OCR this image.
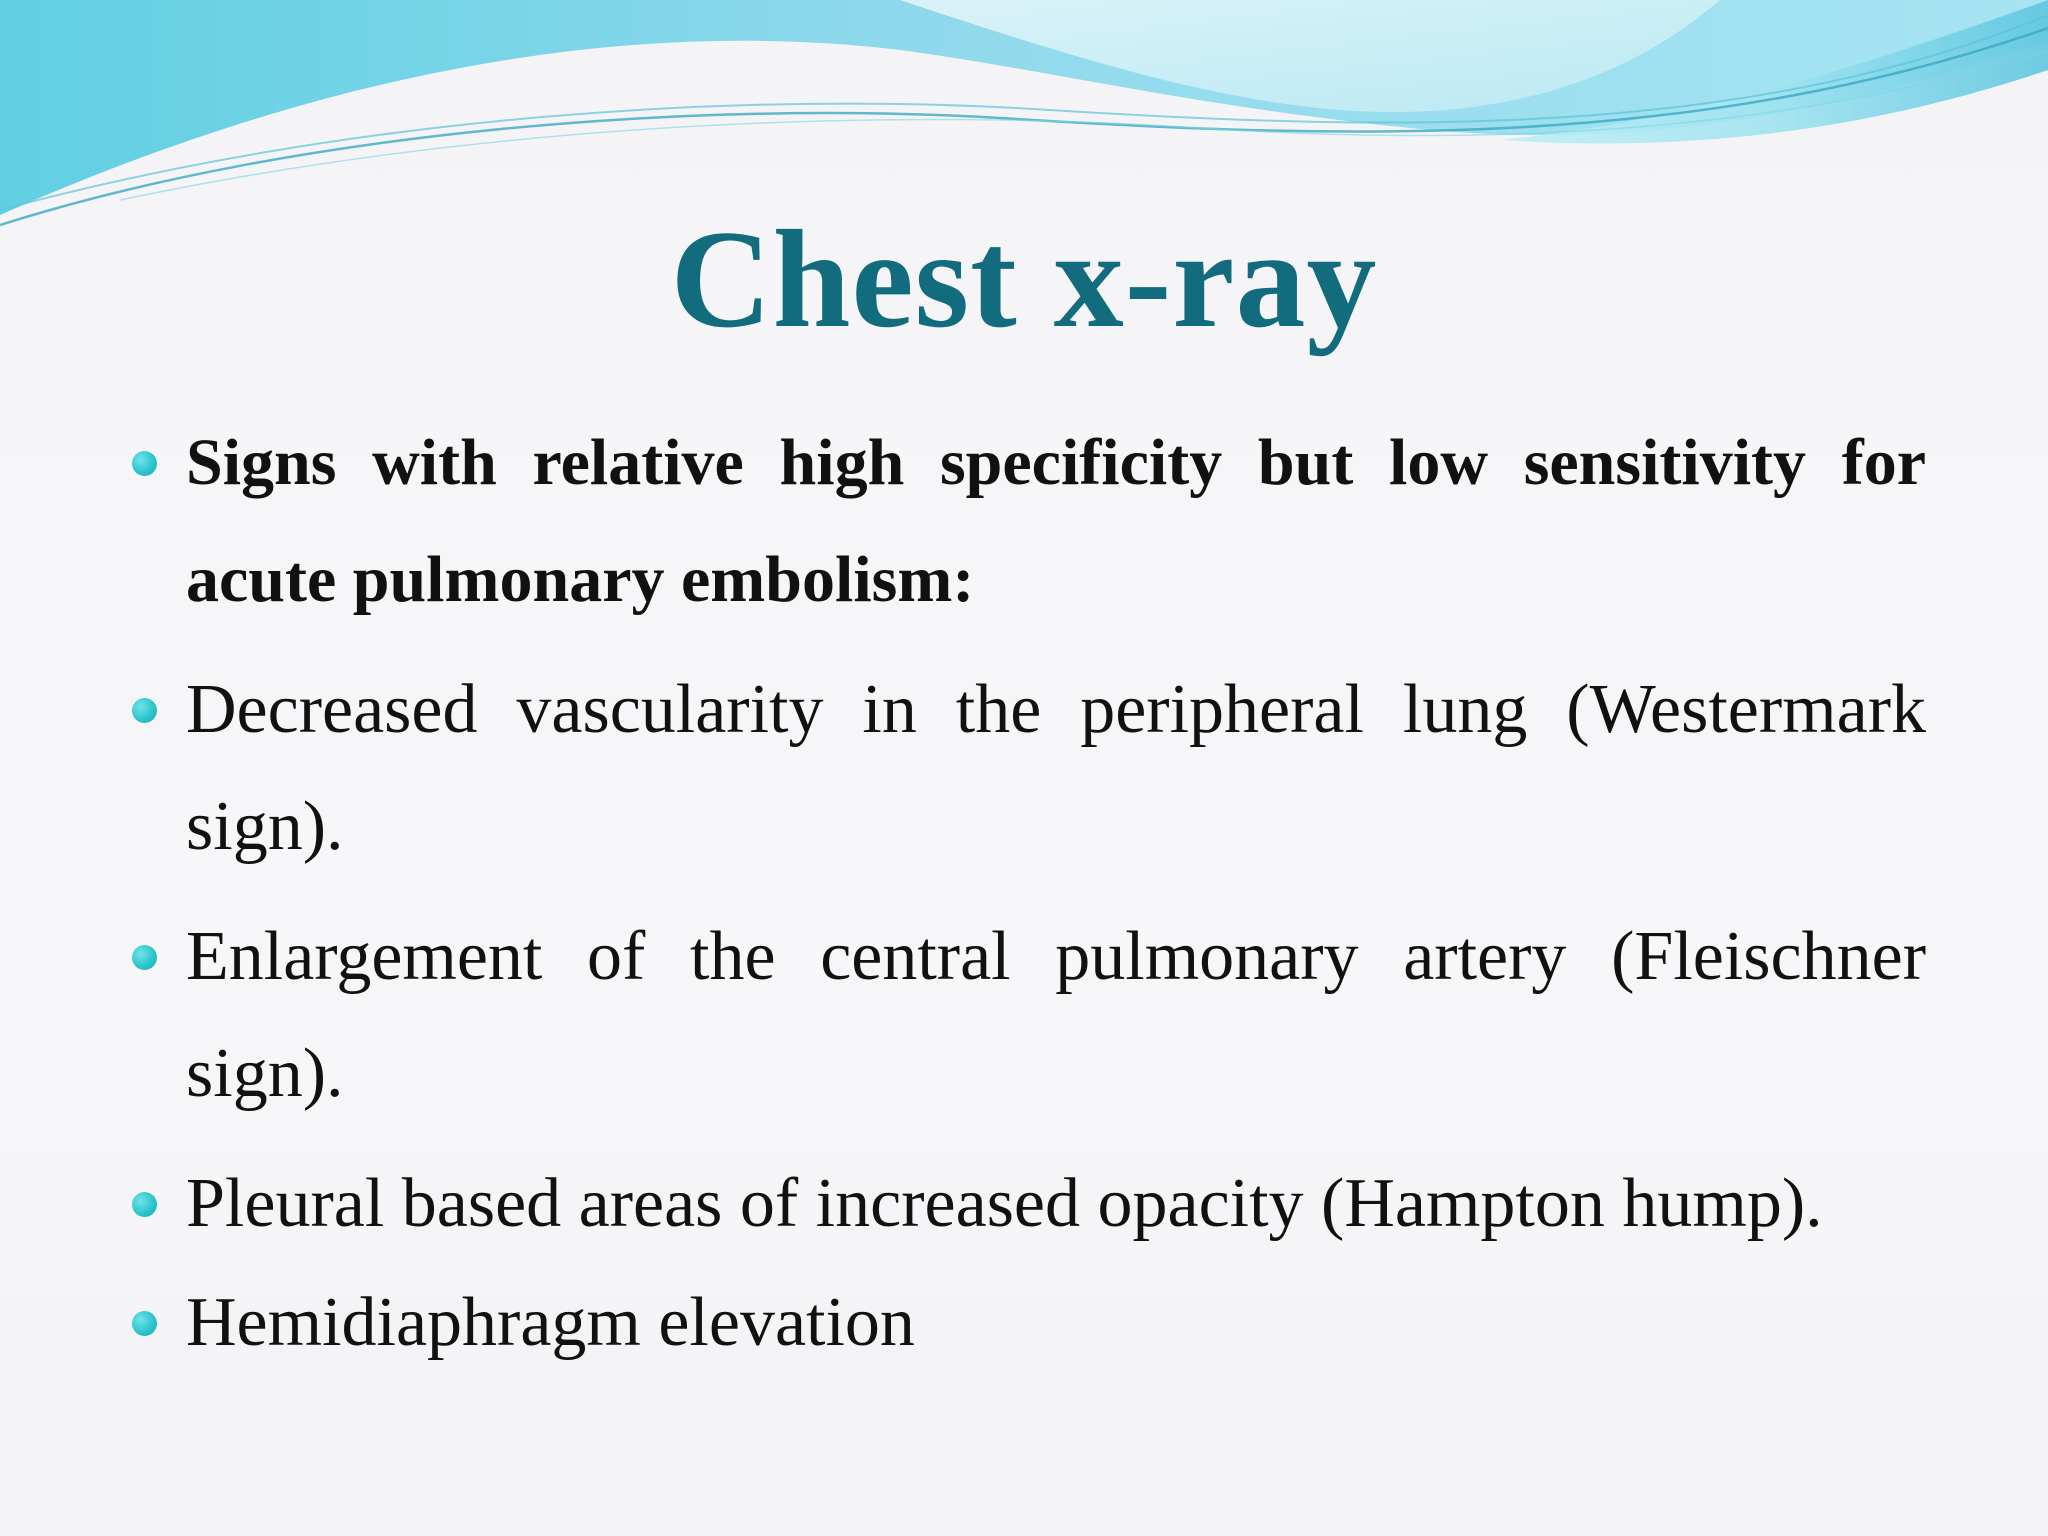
Chest x-ray
Signs with relative high specificity but low sensitivity for acute pulmonary embolism:
Decreased vascularity in the peripheral lung (Westermark sign).
Enlargement of the central pulmonary artery (Fleischner sign).
Pleural based areas of increased opacity (Hampton hump).
Hemidiaphragm elevation
